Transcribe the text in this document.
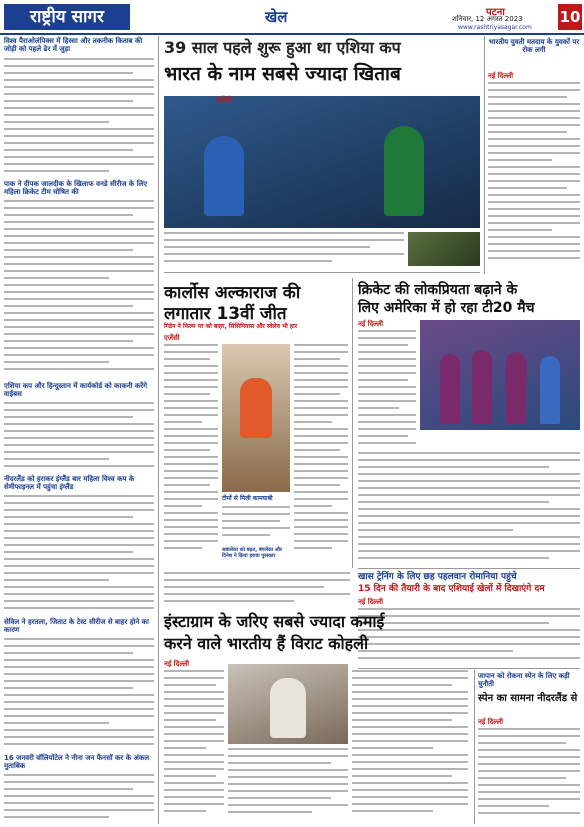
राष्ट्रीय सागर	खेल	पटना
शनिवार, 12 अगस्त 2023
www.rashtriyasagar.com
10
विश्व पैराओलंपिक्स में हिस्सा और तकनीक किताब की जोड़ी को पहले ढेर में जुड़ा
पाक ने दीपक जालदीक के खिलाफ वनडे सीरीज के लिए महिला क्रिकेट टीम घोषित की
एशिया कप और हिन्दुस्तान में कार्यकोर्ड को काकनी करेंगे वाईबस
नीदरलैंड को हराकर इंग्लैंड बार महिला विश्व कप के सेमीफाइनल में पहुंचा इंग्लैंड
सेविल ने हरतला, जिताट के टेस्ट सीरीज से बाहर होने का कारण
16 जनवरी वॉलियोंटेल ने नीना जन फैनसॉ कर के अंकल मुताबिक
39 साल पहले शुरू हुआ था एशिया कप
भारत के नाम सबसे ज्यादा खिताब
एजेंसी
भारतीय युवती मतदाय के युवकों पर रोक लगी
नई दिल्ली
कार्लोस अल्काराज की
लगातार 13वीं जीत
गिडेन ने फिल्म पर को बाहर, सिसिपियास और स्वेलेव भी हार
एजेंसी
टीमों से मिली कामयाबी
सबालेंका को बढ़त, बंगलेंका और दिनेश ने किया हराया पुरस्कार
क्रिकेट की लोकप्रियता बढ़ाने के
लिए अमेरिका में हो रहा टी20 मैच
नई दिल्ली
खास ट्रेनिंग के लिए छह पहलवान रोमानिया पहुंचे
15 दिन की तैयारी के बाद एशियाई खेलों में दिखाएंगे दम
नई दिल्ली
जापान को रोकना स्पेन के लिए कड़ी चुनौती
स्पेन का सामना नीदरलैंड से
नई दिल्ली
इंस्टाग्राम के जरिए सबसे ज्यादा कमाई
करने वाले भारतीय हैं विराट कोहली
नई दिल्ली
